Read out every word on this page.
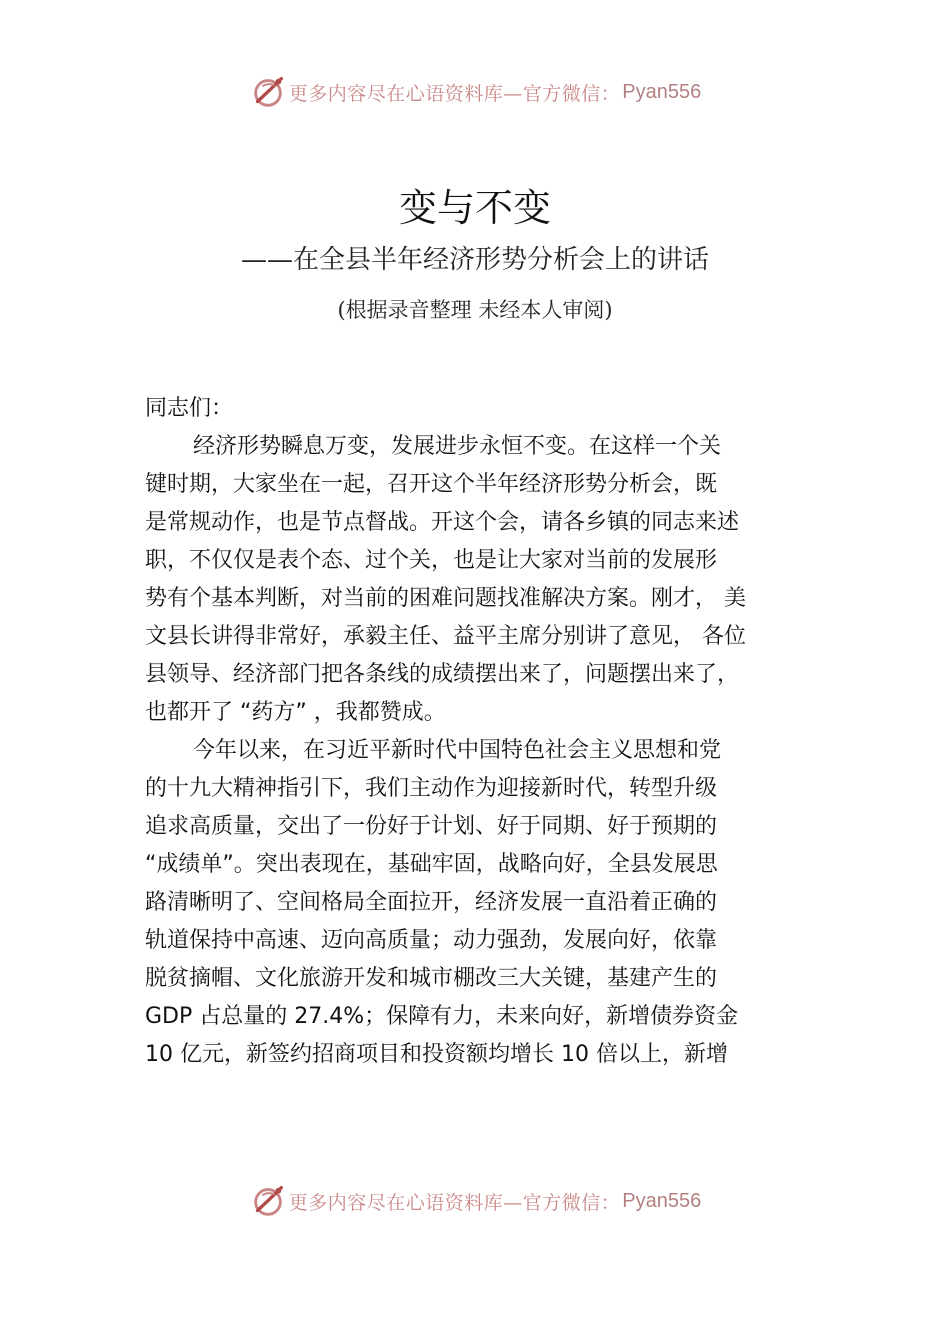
更多内容尽在心语资料库—官方微信： Pyan556
变与不变
——在全县半年经济形势分析会上的讲话
(根据录音整理 未经本人审阅)
同志们：
经济形势瞬息万变，发展进步永恒不变。在这样一个关
键时期，大家坐在一起，召开这个半年经济形势分析会，既
是常规动作，也是节点督战。开这个会，请各乡镇的同志来述
职，不仅仅是表个态、过个关，也是让大家对当前的发展形
势有个基本判断，对当前的困难问题找准解决方案。刚才， 美
文县长讲得非常好，承毅主任、益平主席分别讲了意见， 各位
县领导、经济部门把各条线的成绩摆出来了，问题摆出来了，
也都开了 “药方” ，我都赞成。
今年以来，在习近平新时代中国特色社会主义思想和党
的十九大精神指引下，我们主动作为迎接新时代，转型升级
追求高质量，交出了一份好于计划、好于同期、好于预期的
“成绩单”。突出表现在，基础牢固，战略向好，全县发展思
路清晰明了、空间格局全面拉开，经济发展一直沿着正确的
轨道保持中高速、迈向高质量；动力强劲，发展向好，依靠
脱贫摘帽、文化旅游开发和城市棚改三大关键，基建产生的
GDP 占总量的 27.4%；保障有力，未来向好，新增债券资金
10 亿元，新签约招商项目和投资额均增长 10 倍以上，新增
更多内容尽在心语资料库—官方微信： Pyan556
